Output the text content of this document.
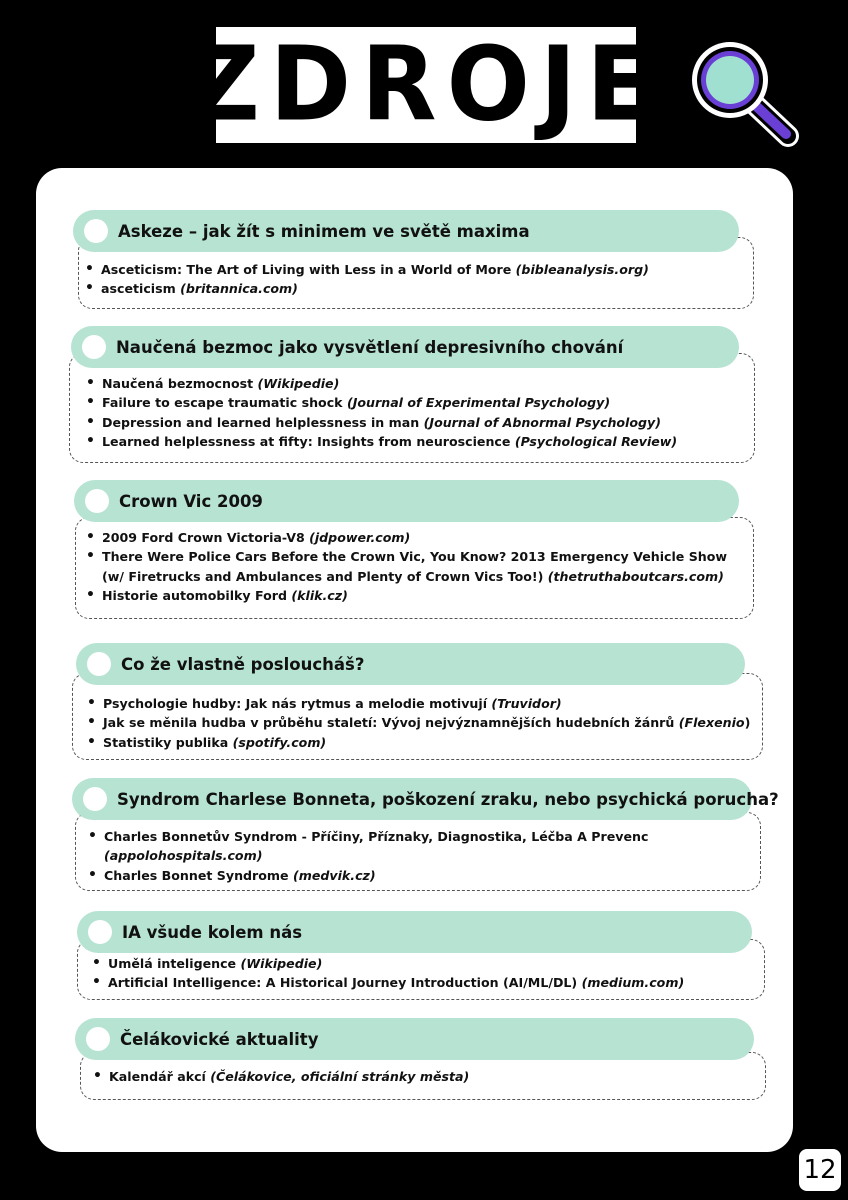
ZDROJE
• Asceticism: The Art of Living with Less in a World of More (bibleanalysis.org)
• asceticism (britannica.com)
Askeze – jak žít s minimem ve světě maxima
• Naučená bezmocnost (Wikipedie)
• Failure to escape traumatic shock (Journal of Experimental Psychology)
• Depression and learned helplessness in man (Journal of Abnormal Psychology)
• Learned helplessness at fifty: Insights from neuroscience (Psychological Review)
Naučená bezmoc jako vysvětlení depresivního chování
• 2009 Ford Crown Victoria-V8 (jdpower.com)
• There Were Police Cars Before the Crown Vic, You Know? 2013 Emergency Vehicle Show (w/ Firetrucks and Ambulances and Plenty of Crown Vics Too!) (thetruthaboutcars.com)
• Historie automobilky Ford (klik.cz)
Crown Vic 2009
• Psychologie hudby: Jak nás rytmus a melodie motivují (Truvidor)
• Jak se měnila hudba v průběhu staletí: Vývoj nejvýznamnějších hudebních žánrů (Flexenio)
• Statistiky publika (spotify.com)
Co že vlastně posloucháš?
• Charles Bonnetův Syndrom - Příčiny, Příznaky, Diagnostika, Léčba A Prevenc (appolohospitals.com)
• Charles Bonnet Syndrome (medvik.cz)
Syndrom Charlese Bonneta, poškození zraku, nebo psychická porucha?
• Umělá inteligence (Wikipedie)
• Artificial Intelligence: A Historical Journey Introduction (AI/ML/DL) (medium.com)
IA všude kolem nás
• Kalendář akcí (Čelákovice, oficiální stránky města)
Čelákovické aktuality
12
